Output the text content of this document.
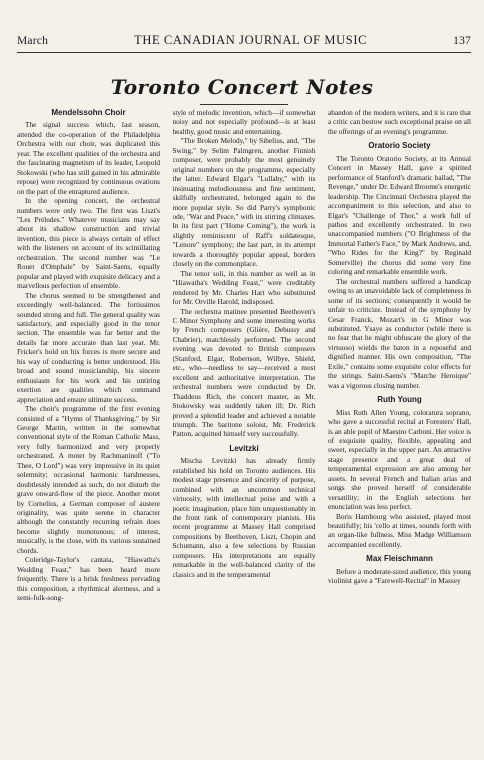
March	THE CANADIAN JOURNAL OF MUSIC	137
Toronto Concert Notes
Mendelssohn Choir

The signal success which, last season, attended the co-operation of the Philadelphia Orchestra with our choir, was duplicated this year. The excellent qualities of the orchestra and the fascinating magnetism of its leader, Leopold Stokowski (who has still gained in his admirable repose) were recognized by continuous ovations on the part of the enraptured audience.

In the opening concert, the orchestral numbers were only two. The first was Liszt's "Les Préludes." Whatever musicians may say about its shallow construction and trivial invention, this piece is always certain of effect with the listeners on account of its scintillating orchestration. The second number was "Le Rouet d'Omphale" by Saint-Saens, equally popular and played with exquisite delicacy and a marvellous perfection of ensemble.

The chorus seemed to be strengthened and exceedingly well-balanced. The fortissimos sounded strong and full. The general quality was satisfactory, and especially good in the tenor section. The ensemble was far better and the details far more accurate than last year. Mr. Fricker's hold on his forces is more secure and his way of conducting is better understood. His broad and sound musicianship, his sincere enthusiasm for his work and his untiring exertion are qualities which command appreciation and ensure ultimate success.

The choir's programme of the first evening consisted of a "Hymn of Thanksgiving," by Sir George Martin, written in the somewhat conventional style of the Roman Catholic Mass, very fully harmonized and very properly orchestrated. A motet by Rachmaninoff ("To Thee, O Lord") was very impressive in its quiet solemnity; occasional harmonic harshnesses, doubtlessly intended as such, do not disturb the grave onward-flow of the piece. Another motet by Cornelius, a German composer of austere originality, was quite serene in character although the constantly recurring refrain does become slightly monotonous; of interest, musically, is the close, with its various sustained chords.

Coleridge-Taylor's cantata, "Hiawatha's Wedding Feast," has been heard more frequently. There is a brisk freshness pervading this composition, a rhythmical alertness, and a semi-folk-song-

style of melodic invention, which—if somewhat noisy and not especially profound—is at least healthy, good music and entertaining.

"The Broken Melody," by Sibelius, and, "The Swing," by Selim Palmgren, another Finnish composer, were probably the most genuinely original numbers on the programme, especially the latter. Edward Elgar's "Lullaby," with its insinuating melodiousness and fine sentiment, skilfully orchestrated, belonged again to the more popular style. So did Parry's symphonic ode, "War and Peace," with its stirring climaxes. In its first part ("Home Coming"), the work is slightly reminiscent of Raff's soldatesque, "Lenore" symphony; the last part, in its attempt towards a thoroughly popular appeal, borders closely on the commonplace.

The tenor soli, in this number as well as in "Hiawatha's Wedding Feast," were creditably rendered by Mr. Charles Hart who substituted for Mr. Orville Harold, indisposed.

The orchestra matinee presented Beethoven's C Minor Symphony and some interesting works by French composers (Glière, Debussy and Chabrier), matchlessly performed. The second evening was devoted to British composers (Stanford, Elgar, Robertson, Wilbye, Shield, etc., who—needless to say—received a most excellent and authoritative interpretation. The orchestral numbers were conducted by Dr. Thaddeus Rich, the concert master, as Mr. Stokowsky was suddenly taken ill; Dr. Rich proved a splendid leader and achieved a notable triumph. The baritone soloist, Mr. Frederick Patton, acquitted himself very successfully.

Levitzki

Mischa Levitzki has already firmly established his hold on Toronto audiences. His modest stage presence and sincerity of purpose, combined with an uncommon technical virtuosity, with intellectual poise and with a poetic imagination, place him unquestionably in the front rank of contemporary pianists. His recent programme at Massey Hall comprised compositions by Beethoven, Liszt, Chopin and Schumann, also a few selections by Russian composers. His interpretations are equally remarkable in the well-balanced clarity of the classics and in the temperamental

abandon of the modern writers, and it is rare that a critic can bestow such exceptional praise on all the offerings of an evening's programme.

Oratorio Society

The Toronto Oratorio Society, at its Annual Concert in Massey Hall, gave a spirited performance of Stanford's dramatic ballad, "The Revenge," under Dr. Edward Broome's energetic leadership. The Cincinnati Orchestra played the accompaniment to this selection, and also to Elgar's "Challenge of Thor," a work full of pathos and excellently orchestrated. In two unaccompanied numbers ("O Brightness of the Immortal Father's Face," by Mark Andrews, and, "Who Rides for the King?" by Reginald Somerville) the chorus did some very fine coloring and remarkable ensemble work.

The orchestral numbers suffered a handicap owing to an unavoidable lack of completeness in some of its sections; consequently it would be unfair to criticize. Instead of the symphony by Cesar Franck, Mozart's in G Minor was substituted. Ysaye as conductor (while there is no fear that he might obfuscate the glory of the virtuoso) wields the baton in a reposeful and dignified manner. His own composition, "The Exile," contains some exquisite color effects for the strings. Saint-Saens's "Marche Heroique" was a vigorous closing number.

Ruth Young

Miss Ruth Allen Young, coloratura soprano, who gave a successful recital at Foresters' Hall, is an able pupil of Maestro Carboni. Her voice is of exquisite quality, flexible, appealing and sweet, especially in the upper part. An attractive stage presence and a great deal of temperamental expression are also among her assets. In several French and Italian arias and songs she proved herself of considerable versatility; in the English selections her enunciation was less perfect.

Boris Hambourg who assisted, played most beautifully; his 'cello at times, sounds forth with an organ-like fullness. Miss Madge Williamson accompanied excellently.

Max Fleischmann

Before a moderate-sized audience, this young violinist gave a "Farewell-Recital" in Massey
